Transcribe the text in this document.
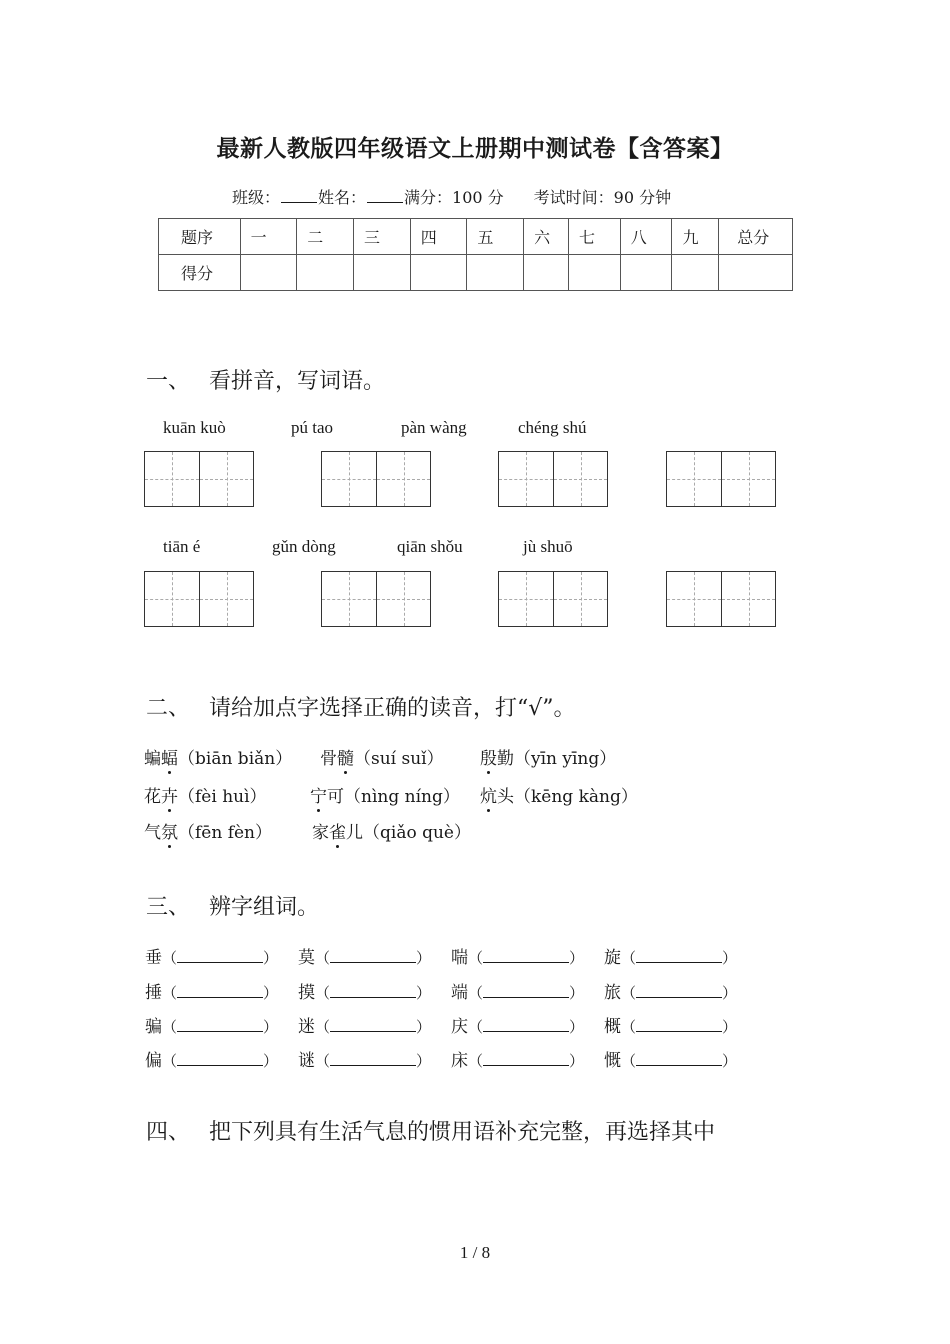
最新人教版四年级语文上册期中测试卷【含答案】
班级： 姓名： 满分：100 分 考试时间：90 分钟
题序	一	二	三	四	五	六	七	八	九	总分
得分										
一、 看拼音，写词语。
kuān kuò	pú tao	pàn wàng	chéng shú
tiān é	gǔn dòng	qiān shǒu	jù shuō
二、 请给加点字选择正确的读音，打“√”。
蝙蝠（biān biǎn） 骨髓（suí suǐ） 殷勤（yīn yīng）
花卉（fèi huì）	宁可（nìng níng） 炕头（kēng kàng）
气氛（fēn fèn） 家雀儿（qiǎo què）
三、 辨字组词。
垂（	） 莫（	） 喘（	） 旋（	）
捶（	） 摸（	） 端（	） 旅（	）
骗（	） 迷（	） 庆（	） 概（	）
偏（	） 谜（	） 床（	） 慨（	）
四、 把下列具有生活气息的惯用语补充完整，再选择其中
1 / 8
